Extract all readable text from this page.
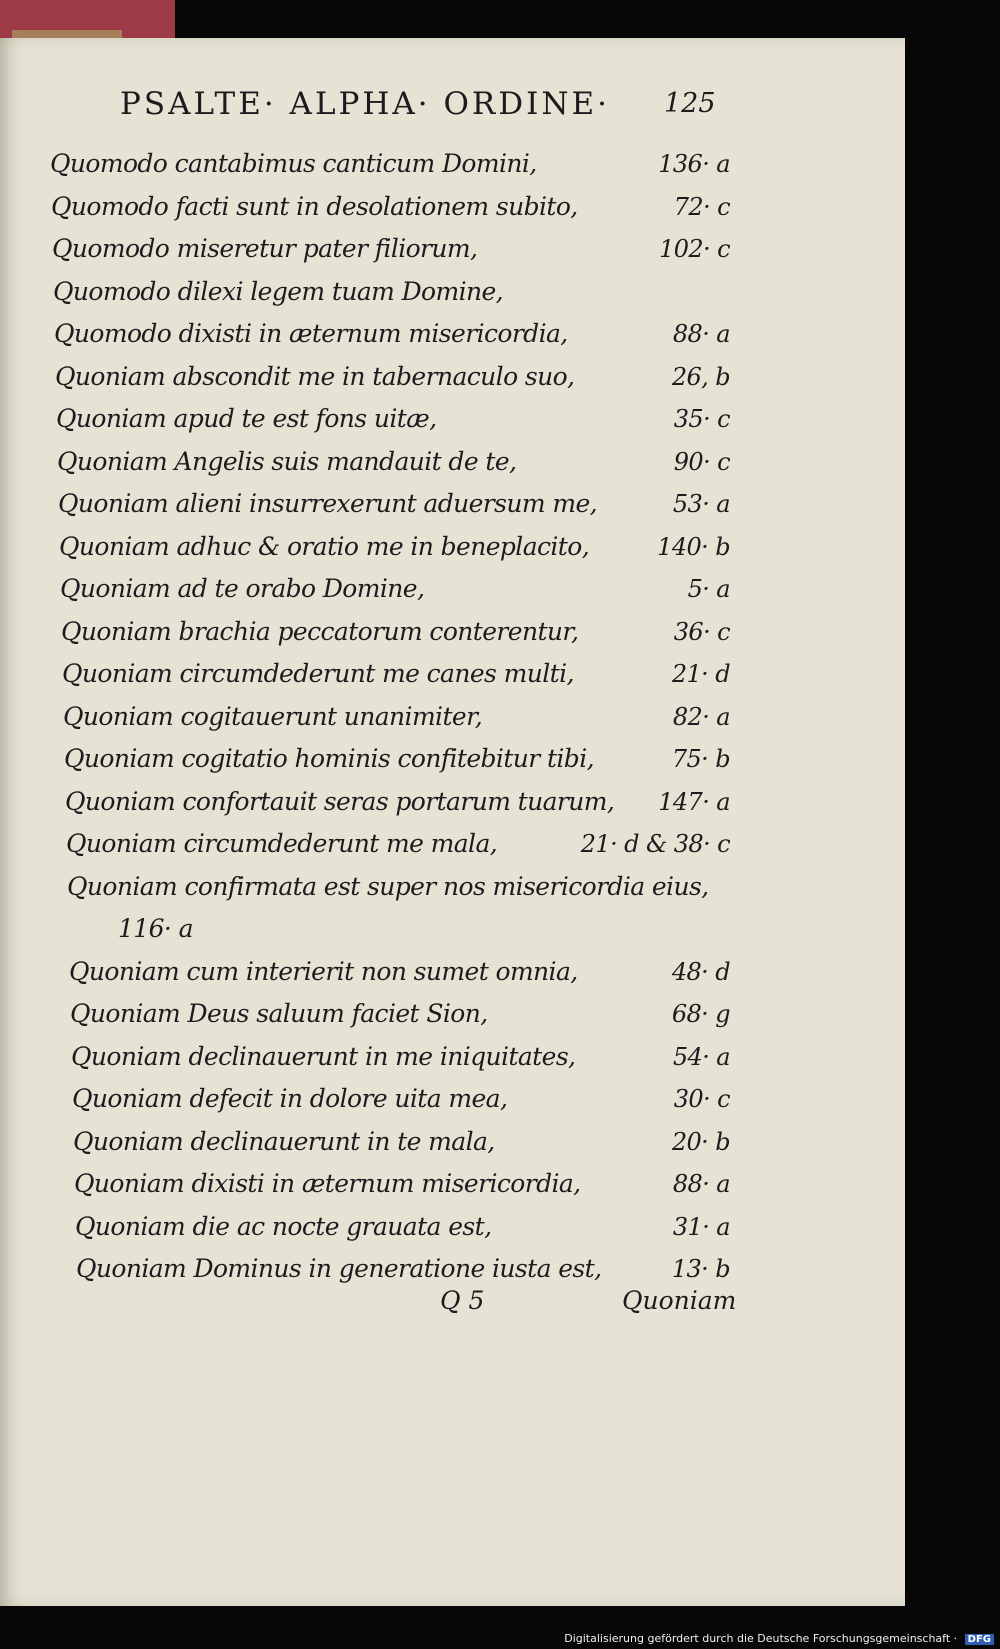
PSALTE· ALPHA· ORDINE·	125
Quomodo cantabimus canticum Domini,	136· a
Quomodo facti sunt in desolationem subito,	72· c
Quomodo miseretur pater filiorum,	102· c
Quomodo dilexi legem tuam Domine,
Quomodo dixisti in æternum misericordia,	88· a
Quoniam abscondit me in tabernaculo suo,	26, b
Quoniam apud te est fons uitæ,	35· c
Quoniam Angelis suis mandauit de te,	90· c
Quoniam alieni insurrexerunt aduersum me,	53· a
Quoniam adhuc & oratio me in beneplacito,	140· b
Quoniam ad te orabo Domine,	5· a
Quoniam brachia peccatorum conterentur,	36· c
Quoniam circumdederunt me canes multi,	21· d
Quoniam cogitauerunt unanimiter,	82· a
Quoniam cogitatio hominis confitebitur tibi,	75· b
Quoniam confortauit seras portarum tuarum, 147· a
Quoniam circumdederunt me mala,	21· d & 38· c
Quoniam confirmata est super nos misericordia eius,
116· a
Quoniam cum interierit non sumet omnia,	48· d
Quoniam Deus saluum faciet Sion,	68· g
Quoniam declinauerunt in me iniquitates,	54· a
Quoniam defecit in dolore uita mea,	30· c
Quoniam declinauerunt in te mala,	20· b
Quoniam dixisti in æternum misericordia,	88· a
Quoniam die ac nocte grauata est,	31· a
Quoniam Dominus in generatione iusta est,	13· b
Q 5	Quoniam
Digitalisierung gefördert durch die Deutsche Forschungsgemeinschaft · DFG
